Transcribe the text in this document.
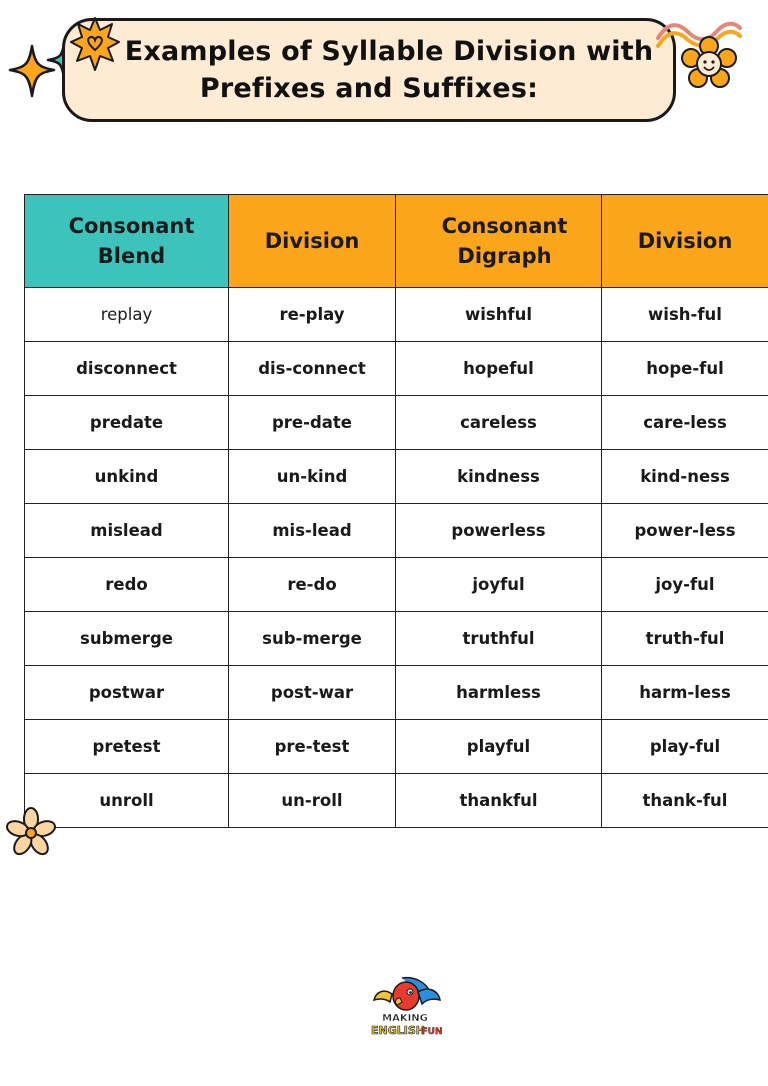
Examples of Syllable Division with
Prefixes and Suffixes:
Consonant Blend	Division	Consonant Digraph	Division
replay	re-play	wishful	wish-ful
disconnect	dis-connect	hopeful	hope-ful
predate	pre-date	careless	care-less
unkind	un-kind	kindness	kind-ness
mislead	mis-lead	powerless	power-less
redo	re-do	joyful	joy-ful
submerge	sub-merge	truthful	truth-ful
postwar	post-war	harmless	harm-less
pretest	pre-test	playful	play-ful
unroll	un-roll	thankful	thank-ful
MAKING
ENGLISH
FUN
